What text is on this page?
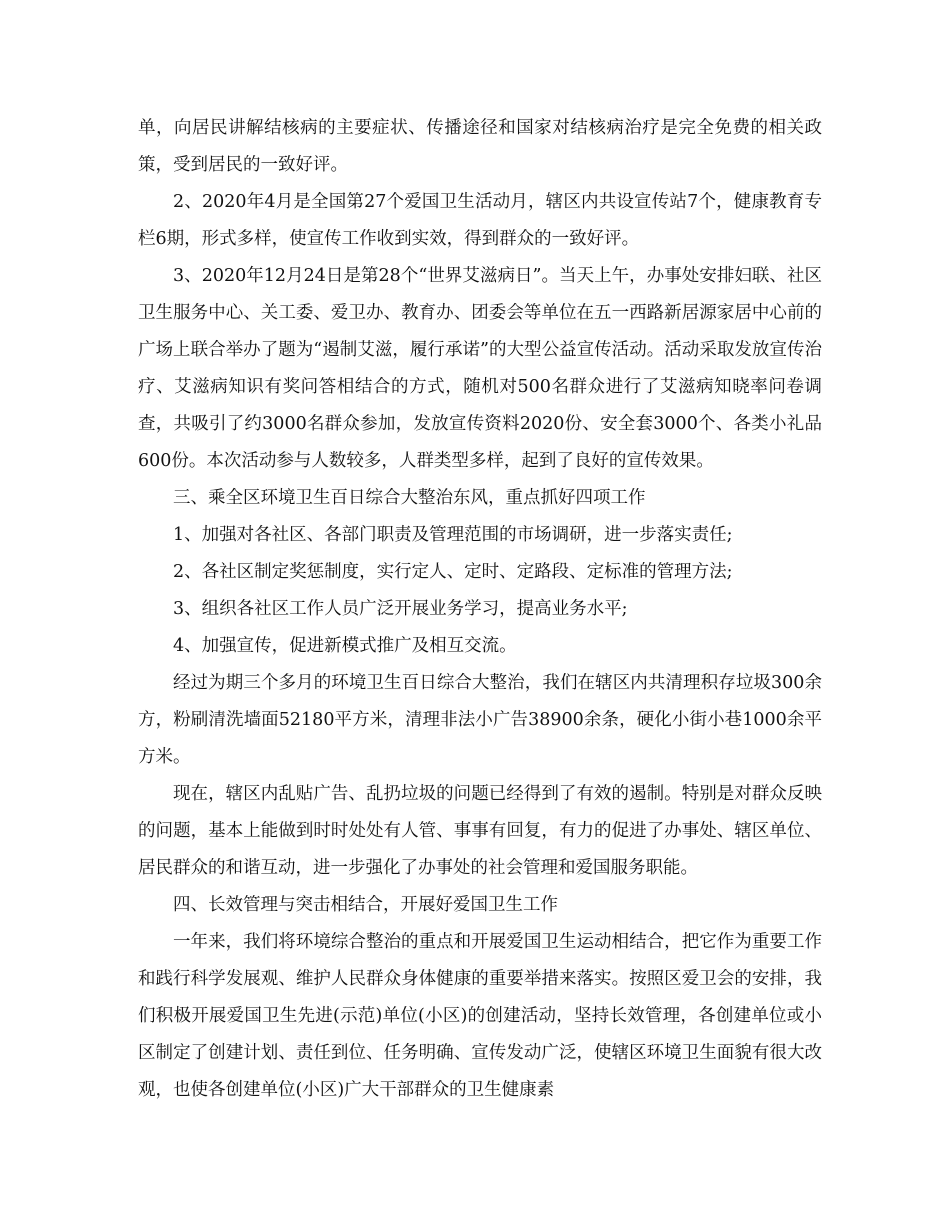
单，向居民讲解结核病的主要症状、传播途径和国家对结核病治疗是完全免费的相关政策，受到居民的一致好评。

2、2020年4月是全国第27个爱国卫生活动月，辖区内共设宣传站7个，健康教育专栏6期，形式多样，使宣传工作收到实效，得到群众的一致好评。

3、2020年12月24日是第28个“世界艾滋病日”。当天上午，办事处安排妇联、社区卫生服务中心、关工委、爱卫办、教育办、团委会等单位在五一西路新居源家居中心前的广场上联合举办了题为“遏制艾滋，履行承诺”的大型公益宣传活动。活动采取发放宣传治疗、艾滋病知识有奖问答相结合的方式，随机对500名群众进行了艾滋病知晓率问卷调查，共吸引了约3000名群众参加，发放宣传资料2020份、安全套3000个、各类小礼品600份。本次活动参与人数较多，人群类型多样，起到了良好的宣传效果。

三、乘全区环境卫生百日综合大整治东风，重点抓好四项工作

1、加强对各社区、各部门职责及管理范围的市场调研，进一步落实责任;

2、各社区制定奖惩制度，实行定人、定时、定路段、定标准的管理方法;

3、组织各社区工作人员广泛开展业务学习，提高业务水平;

4、加强宣传，促进新模式推广及相互交流。

经过为期三个多月的环境卫生百日综合大整治，我们在辖区内共清理积存垃圾300余方，粉刷清洗墙面52180平方米，清理非法小广告38900余条，硬化小街小巷1000余平方米。

现在，辖区内乱贴广告、乱扔垃圾的问题已经得到了有效的遏制。特别是对群众反映的问题，基本上能做到时时处处有人管、事事有回复，有力的促进了办事处、辖区单位、居民群众的和谐互动，进一步强化了办事处的社会管理和爱国服务职能。

四、长效管理与突击相结合，开展好爱国卫生工作

一年来，我们将环境综合整治的重点和开展爱国卫生运动相结合，把它作为重要工作和践行科学发展观、维护人民群众身体健康的重要举措来落实。按照区爱卫会的安排，我们积极开展爱国卫生先进(示范)单位(小区)的创建活动，坚持长效管理，各创建单位或小区制定了创建计划、责任到位、任务明确、宣传发动广泛，使辖区环境卫生面貌有很大改观，也使各创建单位(小区)广大干部群众的卫生健康素
